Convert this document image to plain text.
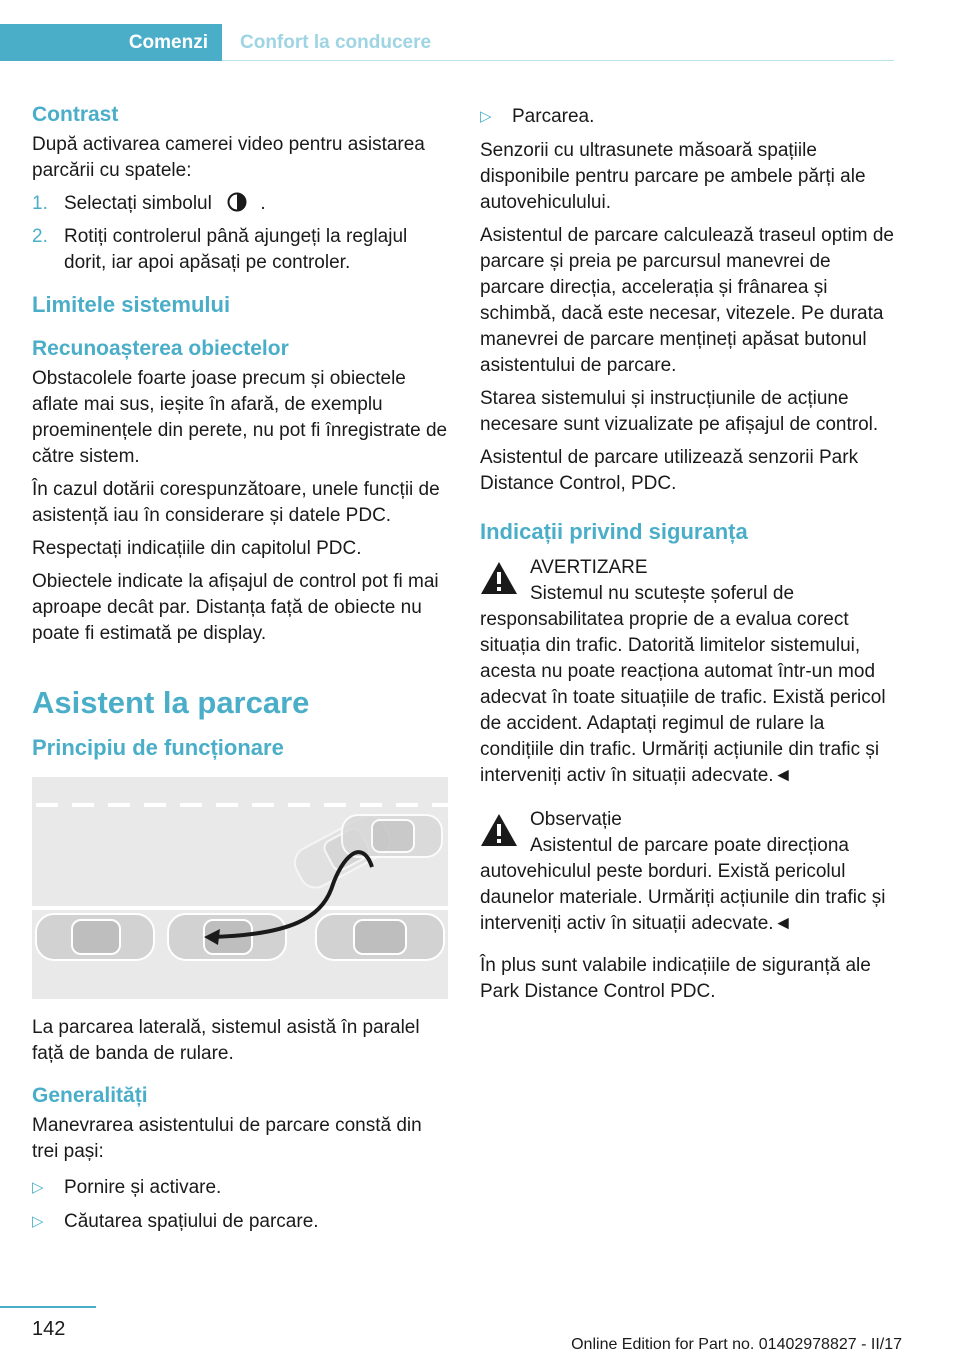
Comenzi	Confort la conducere
Contrast

După activarea camerei video pentru asistarea parcării cu spatele:

1. Selectați simbolul	.
2. Rotiți controlerul până ajungeți la reglajul dorit, iar apoi apăsați pe controler.
Limitele sistemului
Recunoașterea obiectelor

Obstacolele foarte joase precum și obiectele aflate mai sus, ieșite în afară, de exemplu proeminențele din perete, nu pot fi înregistrate de către sistem.

În cazul dotării corespunzătoare, unele funcții de asistență iau în considerare și datele PDC.

Respectați indicațiile din capitolul PDC.

Obiectele indicate la afișajul de control pot fi mai aproape decât par. Distanța față de obiecte nu poate fi estimată pe display.

Asistent la parcare
Principiu de funcționare

La parcarea laterală, sistemul asistă în paralel față de banda de rulare.

Generalități

Manevrarea asistentului de parcare constă din trei pași:

▷	Pornire și activare.
▷	Căutarea spațiului de parcare.
▷	Parcarea.

Senzorii cu ultrasunete măsoară spațiile disponibile pentru parcare pe ambele părți ale autovehiculului.

Asistentul de parcare calculează traseul optim de parcare și preia pe parcursul manevrei de parcare direcția, accelerația și frânarea și schimbă, dacă este necesar, vitezele. Pe durata manevrei de parcare mențineți apăsat butonul asistentului de parcare.

Starea sistemului și instrucțiunile de acțiune necesare sunt vizualizate pe afișajul de control.

Asistentul de parcare utilizează senzorii Park Distance Control, PDC.

Indicații privind siguranța

AVERTIZARE

Sistemul nu scutește șoferul de responsabilitatea proprie de a evalua corect situația din trafic. Datorită limitelor sistemului, acesta nu poate reacționa automat într-un mod adecvat în toate situațiile de trafic. Există pericol de accident. Adaptați regimul de rulare la condițiile din trafic. Urmăriți acțiunile din trafic și interveniți activ în situații adecvate.◄

Observație

Asistentul de parcare poate direcționa autovehiculul peste borduri. Există pericolul daunelor materiale. Urmăriți acțiunile din trafic și interveniți activ în situații adecvate.◄

În plus sunt valabile indicațiile de siguranță ale Park Distance Control PDC.

142
Online Edition for Part no. 01402978827 - II/17
